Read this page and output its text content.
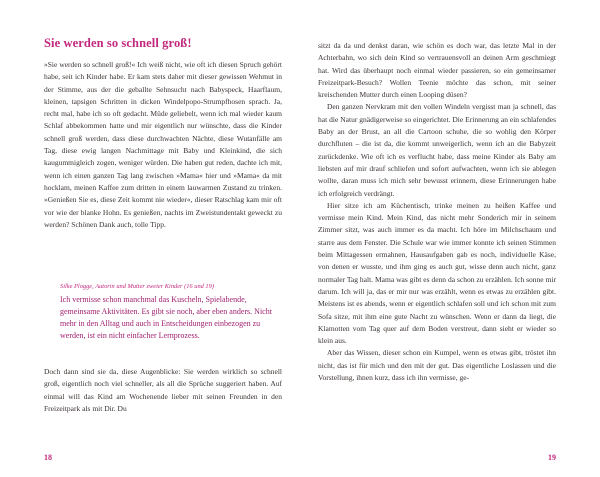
Sie werden so schnell groß!

»Sie werden so schnell groß!« Ich weiß nicht, wie oft ich diesen Spruch gehört habe, seit ich Kinder habe. Er kam stets daher mit dieser gewissen Wehmut in der Stimme, aus der die geballte Sehnsucht nach Babyspeck, Haarflaum, kleinen, tapsigen Schritten in dicken Windelpopo-Strumpfhosen sprach. Ja, recht mal, habe ich so oft gedacht. Müde geliebelt, wenn ich mal wieder kaum Schlaf abbekommen hatte und mir eigentlich nur wünschte, dass die Kinder schnell groß werden, dass diese durchwachten Nächte, diese Wutanfälle am Tag, diese ewig langen Nachmittage mit Baby und Kleinkind, die sich kaugummigleich zogen, weniger würden. Die haben gut reden, dachte ich mit, wenn ich einen ganzen Tag lang zwischen »Mama« hier und »Mama« da mit hocklam, meinen Kaffee zum dritten in einem lauwarmen Zustand zu trinken. »Genießen Sie es, diese Zeit kommt nie wieder«, dieser Ratschlag kam mir oft vor wie der blanke Hohn. Es genießen, nachts im Zweistundentakt geweckt zu werden? Schönen Dank auch, tolle Tipp.

Silke Plogge, Autorin und Mutter zweier Kinder (16 und 19)

Ich vermisse schon manchmal das Kuscheln, Spielabende, gemeinsame Aktivitäten. Es gibt sie noch, aber eben anders. Nicht mehr in den Alltag und auch in Entscheidungen einbezogen zu werden, ist ein nicht einfacher Lernprozess.

Doch dann sind sie da, diese Augenblicke: Sie werden wirklich so schnell groß, eigentlich noch viel schneller, als all die Sprüche suggeriert haben. Auf einmal will das Kind am Wochenende lieber mit seinen Freunden in den Freizeitpark als mit Dir. Du

18

sitzt da da und denkst daran, wie schön es doch war, das letzte Mal in der Achterbahn, wo sich dein Kind so vertrauensvoll an deinen Arm geschmiegt hat. Wird das überhaupt noch einmal wieder passieren, so ein gemeinsamer Freizeitpark-Besuch? Wollen Teenie möchte das schon, mit seiner kreischenden Mutter durch einen Looping düsen?

Den ganzen Nervkram mit den vollen Windeln vergisst man ja schnell, das hat die Natur gnädigerweise so eingerichtet. Die Erinnerung an ein schlafendes Baby an der Brust, an all die Cartoon schuhe, die so wohlig den Körper durchfluten – die ist da, die kommt unweigerlich, wenn ich an die Babyzeit zurückdenke. Wie oft ich es verflucht habe, dass meine Kinder als Baby am liebsten auf mir drauf schliefen und sofort aufwachten, wenn ich sie ablegen wollte, daran muss ich mich sehr bewusst erinnern, diese Erinnerungen habe ich erfolgreich verdrängt.

Hier sitze ich am Küchentisch, trinke meinen zu heißen Kaffee und vermisse mein Kind. Mein Kind, das nicht mehr Sonderich mir in seinem Zimmer sitzt, was auch immer es da macht. Ich höre im Milchschaum und starre aus dem Fenster. Die Schule war wie immer konnte ich seinen Stimmen beim Mittagessen ermahnen, Hausaufgaben gab es noch, individuelle Käse, von denen er wusste, und ihm ging es auch gut, wisse denn auch nicht, ganz normaler Tag halt. Mama was gibt es denn da schon zu erzählen. Ich sonne mir darum. Ich will ja, das er mir nur was erzählt, wenn es etwas zu erzählen gibt. Meistens ist es abends, wenn er eigentlich schlafen soll und ich schon mit zum Sofa sitze, mit ihm eine gute Nacht zu wünschen. Wenn er dann da liegt, die Klamotten vom Tag quer auf dem Boden verstreut, dann sieht er wieder so klein aus.

Aber das Wissen, dieser schon ein Kumpel, wenn es etwas gibt, tröstet ihn nicht, das ist für mich und den mit der gut. Das eigentliche Loslassen und die Vorstellung, ihnen kurz, dass ich ihn vermisse, ge-

19
